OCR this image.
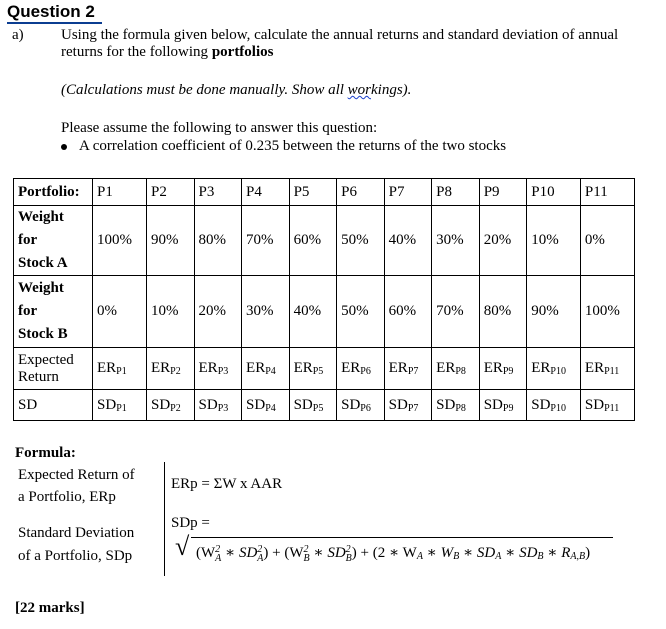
Question 2
a) Using the formula given below, calculate the annual returns and standard deviation of annual returns for the following portfolios
(Calculations must be done manually. Show all workings).
Please assume the following to answer this question:
A correlation coefficient of 0.235 between the returns of the two stocks
Portfolio:	P1	P2	P3	P4	P5	P6	P7	P8	P9	P10	P11

Weight
for
Stock A	100%	90%	80%	70%	60%	50%	40%	30%	20%	10%	0%

Weight
for
Stock B	0%	10%	20%	30%	40%	50%	60%	70%	80%	90%	100%

Expected
Return	$ER_{P1}$	$ER_{P2}$	$ER_{P3}$	$ER_{P4}$	$ER_{P5}$	$ER_{P6}$	$ER_{P7}$	$ER_{P8}$	$ER_{P9}$	$ER_{P10}$	$ER_{P11}$
SD	$SD_{P1}$	$SD_{P2}$	$SD_{P3}$	$SD_{P4}$	$SD_{P5}$	$SD_{P6}$	$SD_{P7}$	$SD_{P8}$	$SD_{P9}$	$SD_{P10}$	$SD_{P11}$
Formula:
Expected Return of
a Portfolio, ERp
Standard Deviation
of a Portfolio, SDp
ERp = ΣW x AAR
SDp =
√ (W 2
A ∗ SD 2
A ) + (W 2
B ∗ SD 2
B ) + (2 ∗ $W_A$ ∗ $W_B$ ∗ $SD_A$ ∗ $SD_B$ ∗ $R_{A,B}$)
[22 marks]
